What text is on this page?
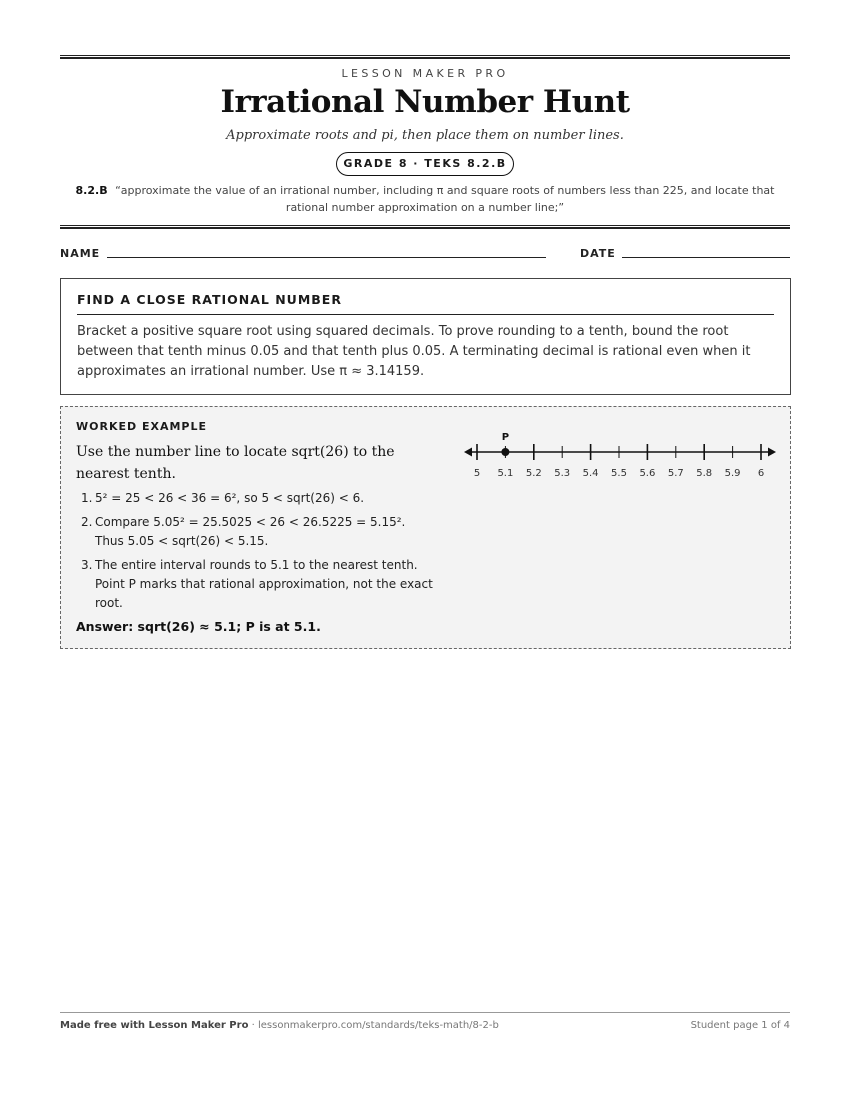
LESSON MAKER PRO
Irrational Number Hunt
Approximate roots and pi, then place them on number lines.
GRADE 8 · TEKS 8.2.B
8.2.B “approximate the value of an irrational number, including π and square roots of numbers less than 225, and locate that rational number approximation on a number line;”
NAME	DATE
FIND A CLOSE RATIONAL NUMBER
Bracket a positive square root using squared decimals. To prove rounding to a tenth, bound the root between that tenth minus 0.05 and that tenth plus 0.05. A terminating decimal is rational even when it approximates an irrational number. Use π ≈ 3.14159.
WORKED EXAMPLE
Use the number line to locate sqrt(26) to the nearest tenth.
1. 5² = 25 < 26 < 36 = 6², so 5 < sqrt(26) < 6.
2. Compare 5.05² = 25.5025 < 26 < 26.5225 = 5.15². Thus 5.05 < sqrt(26) < 5.15.
3. The entire interval rounds to 5.1 to the nearest tenth. Point P marks that rational approximation, not the exact root.
Answer: sqrt(26) ≈ 5.1; P is at 5.1.
5 5.1 5.2 5.3 5.4 5.5 5.6 5.7 5.8 5.9 6
P
Made free with Lesson Maker Pro · lessonmakerpro.com/standards/teks-math/8-2-b	Student page 1 of 4
